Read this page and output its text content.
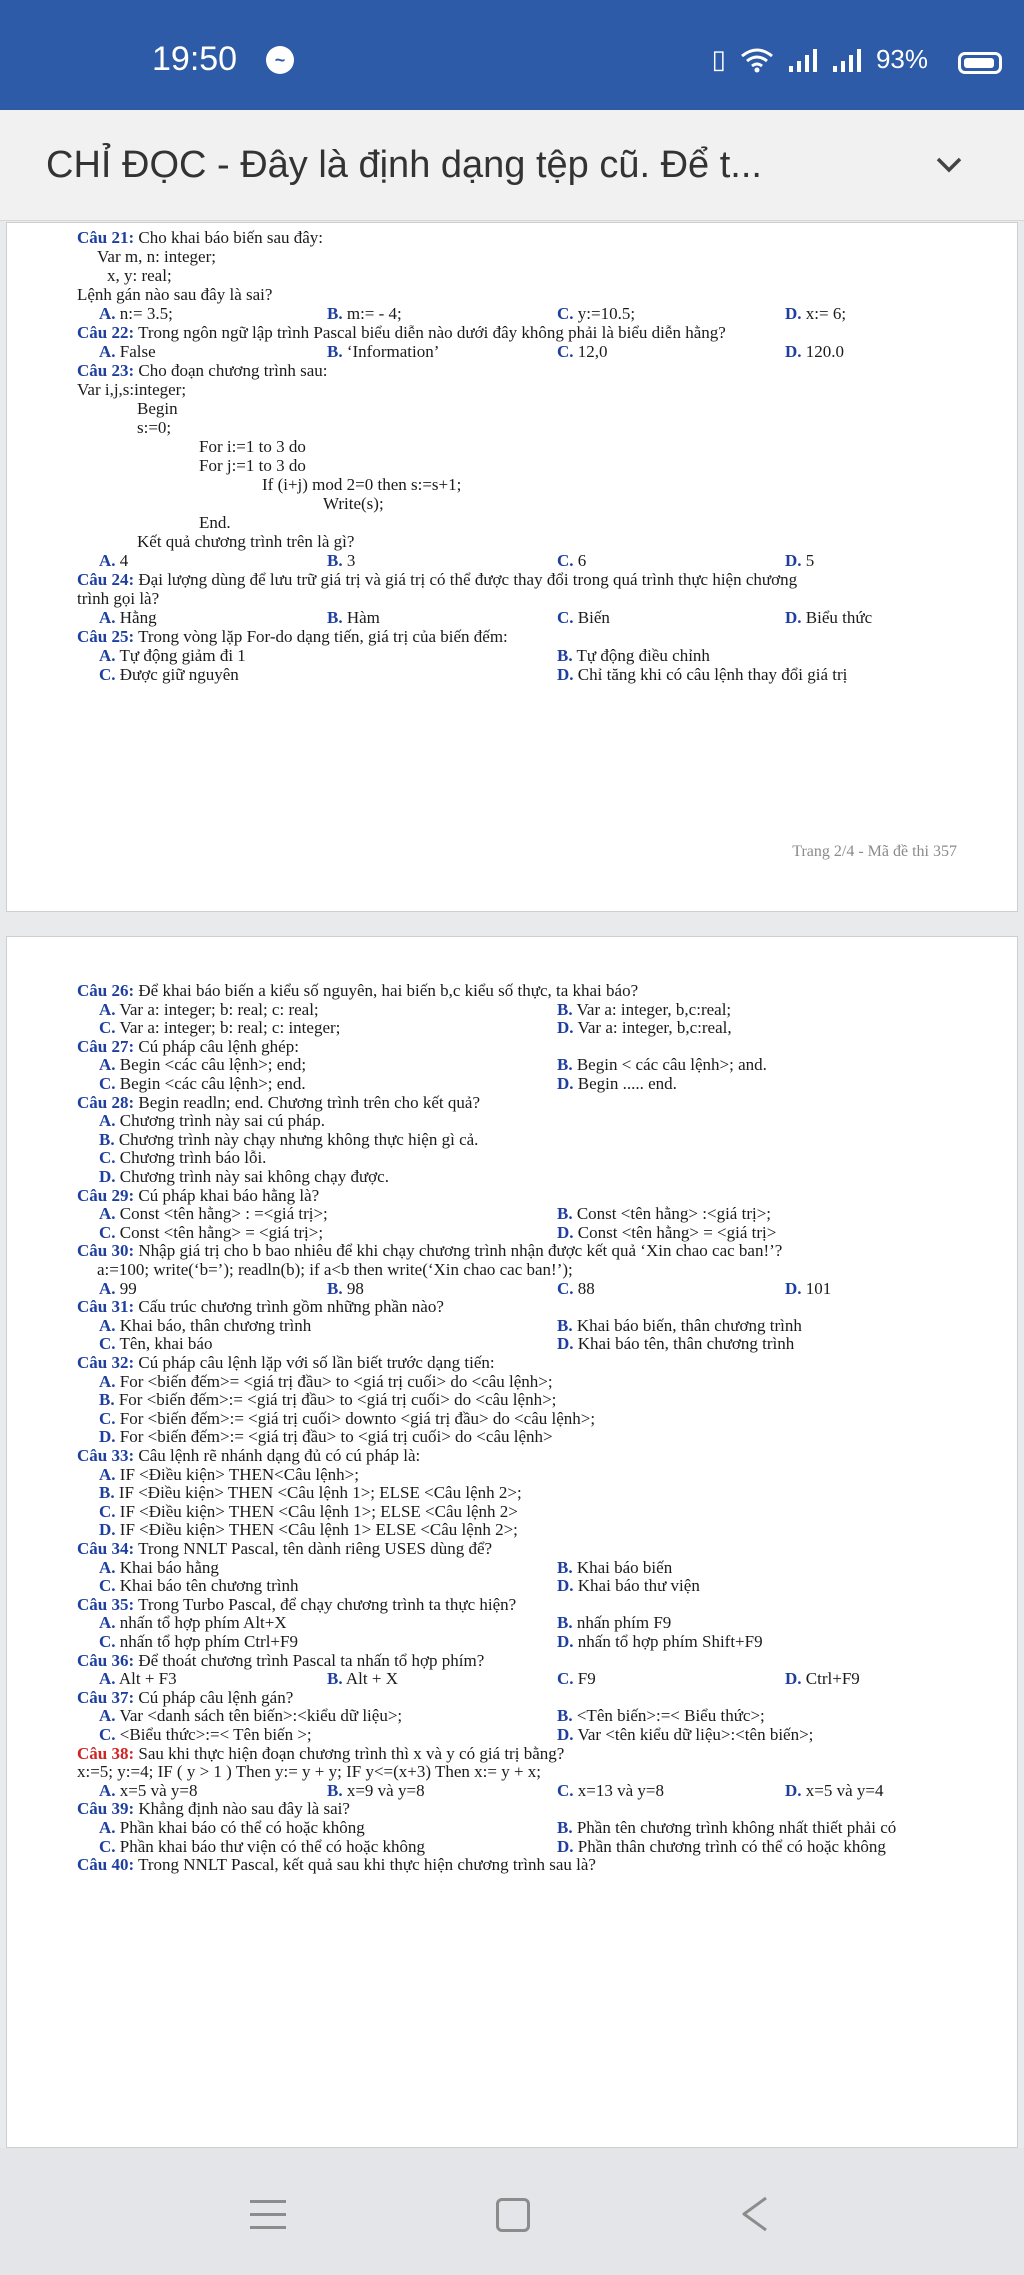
19:50	~	▯	93%
CHỈ ĐỌC - Đây là định dạng tệp cũ. Để t...
Câu 21: Cho khai báo biến sau đây:
Var m, n: integer;
x, y: real;
Lệnh gán nào sau đây là sai?
A. n:= 3.5;	B. m:= - 4;	C. y:=10.5;	D. x:= 6;
Câu 22: Trong ngôn ngữ lập trình Pascal biểu diễn nào dưới đây không phải là biểu diễn hằng?
A. False	B. ‘Information’	C. 12,0	D. 120.0
Câu 23: Cho đoạn chương trình sau:
Var i,j,s:integer;
Begin
s:=0;
For i:=1 to 3 do
For j:=1 to 3 do
If (i+j) mod 2=0 then s:=s+1;
Write(s);
End.
Kết quả chương trình trên là gì?
A. 4	B. 3	C. 6	D. 5
Câu 24: Đại lượng dùng để lưu trữ giá trị và giá trị có thể được thay đổi trong quá trình thực hiện chương
trình gọi là?
A. Hằng	B. Hàm	C. Biến	D. Biểu thức
Câu 25: Trong vòng lặp For-do dạng tiến, giá trị của biến đếm:
A. Tự động giảm đi 1	B. Tự động điều chỉnh
C. Được giữ nguyên	D. Chỉ tăng khi có câu lệnh thay đổi giá trị
Trang 2/4 - Mã đề thi 357
Câu 26: Để khai báo biến a kiểu số nguyên, hai biến b,c kiểu số thực, ta khai báo?
A. Var a: integer; b: real; c: real;	B. Var a: integer, b,c:real;
C. Var a: integer; b: real; c: integer;	D. Var a: integer, b,c:real,
Câu 27: Cú pháp câu lệnh ghép:
A. Begin <các câu lệnh>; end;	B. Begin < các câu lệnh>; and.
C. Begin <các câu lệnh>; end.	D. Begin ..... end.
Câu 28: Begin readln; end. Chương trình trên cho kết quả?
A. Chương trình này sai cú pháp.
B. Chương trình này chạy nhưng không thực hiện gì cả.
C. Chương trình báo lỗi.
D. Chương trình này sai không chạy được.
Câu 29: Cú pháp khai báo hằng là?
A. Const <tên hằng> : =<giá trị>;	B. Const <tên hằng> :<giá trị>;
C. Const <tên hằng> = <giá trị>;	D. Const <tên hằng> = <giá trị>
Câu 30: Nhập giá trị cho b bao nhiêu để khi chạy chương trình nhận được kết quả ‘Xin chao cac ban!’?
a:=100; write(‘b=’); readln(b); if a<b then write(‘Xin chao cac ban!’);
A. 99	B. 98	C. 88	D. 101
Câu 31: Cấu trúc chương trình gồm những phần nào?
A. Khai báo, thân chương trình	B. Khai báo biến, thân chương trình
C. Tên, khai báo	D. Khai báo tên, thân chương trình
Câu 32: Cú pháp câu lệnh lặp với số lần biết trước dạng tiến:
A. For <biến đếm>= <giá trị đầu> to <giá trị cuối> do <câu lệnh>;
B. For <biến đếm>:= <giá trị đầu> to <giá trị cuối> do <câu lệnh>;
C. For <biến đếm>:= <giá trị cuối> downto <giá trị đầu> do <câu lệnh>;
D. For <biến đếm>:= <giá trị đầu> to <giá trị cuối> do <câu lệnh>
Câu 33: Câu lệnh rẽ nhánh dạng đủ có cú pháp là:
A. IF <Điều kiện> THEN<Câu lệnh>;
B. IF <Điều kiện> THEN <Câu lệnh 1>; ELSE <Câu lệnh 2>;
C. IF <Điều kiện> THEN <Câu lệnh 1>; ELSE <Câu lệnh 2>
D. IF <Điều kiện> THEN <Câu lệnh 1> ELSE <Câu lệnh 2>;
Câu 34: Trong NNLT Pascal, tên dành riêng USES dùng để?
A. Khai báo hằng	B. Khai báo biến
C. Khai báo tên chương trình	D. Khai báo thư viện
Câu 35: Trong Turbo Pascal, để chạy chương trình ta thực hiện?
A. nhấn tổ hợp phím Alt+X	B. nhấn phím F9
C. nhấn tổ hợp phím Ctrl+F9	D. nhấn tổ hợp phím Shift+F9
Câu 36: Để thoát chương trình Pascal ta nhấn tổ hợp phím?
A. Alt + F3	B. Alt + X	C. F9	D. Ctrl+F9
Câu 37: Cú pháp câu lệnh gán?
A. Var <danh sách tên biến>:<kiểu dữ liệu>;	B. <Tên biến>:=< Biểu thức>;
C. <Biểu thức>:=< Tên biến >;	D. Var <tên kiểu dữ liệu>:<tên biến>;
Câu 38: Sau khi thực hiện đoạn chương trình thì x và y có giá trị bằng?
x:=5; y:=4; IF ( y > 1 ) Then y:= y + y; IF y<=(x+3) Then x:= y + x;
A. x=5 và y=8	B. x=9 và y=8	C. x=13 và y=8	D. x=5 và y=4
Câu 39: Khẳng định nào sau đây là sai?
A. Phần khai báo có thể có hoặc không	B. Phần tên chương trình không nhất thiết phải có
C. Phần khai báo thư viện có thể có hoặc không	D. Phần thân chương trình có thể có hoặc không
Câu 40: Trong NNLT Pascal, kết quả sau khi thực hiện chương trình sau là?
